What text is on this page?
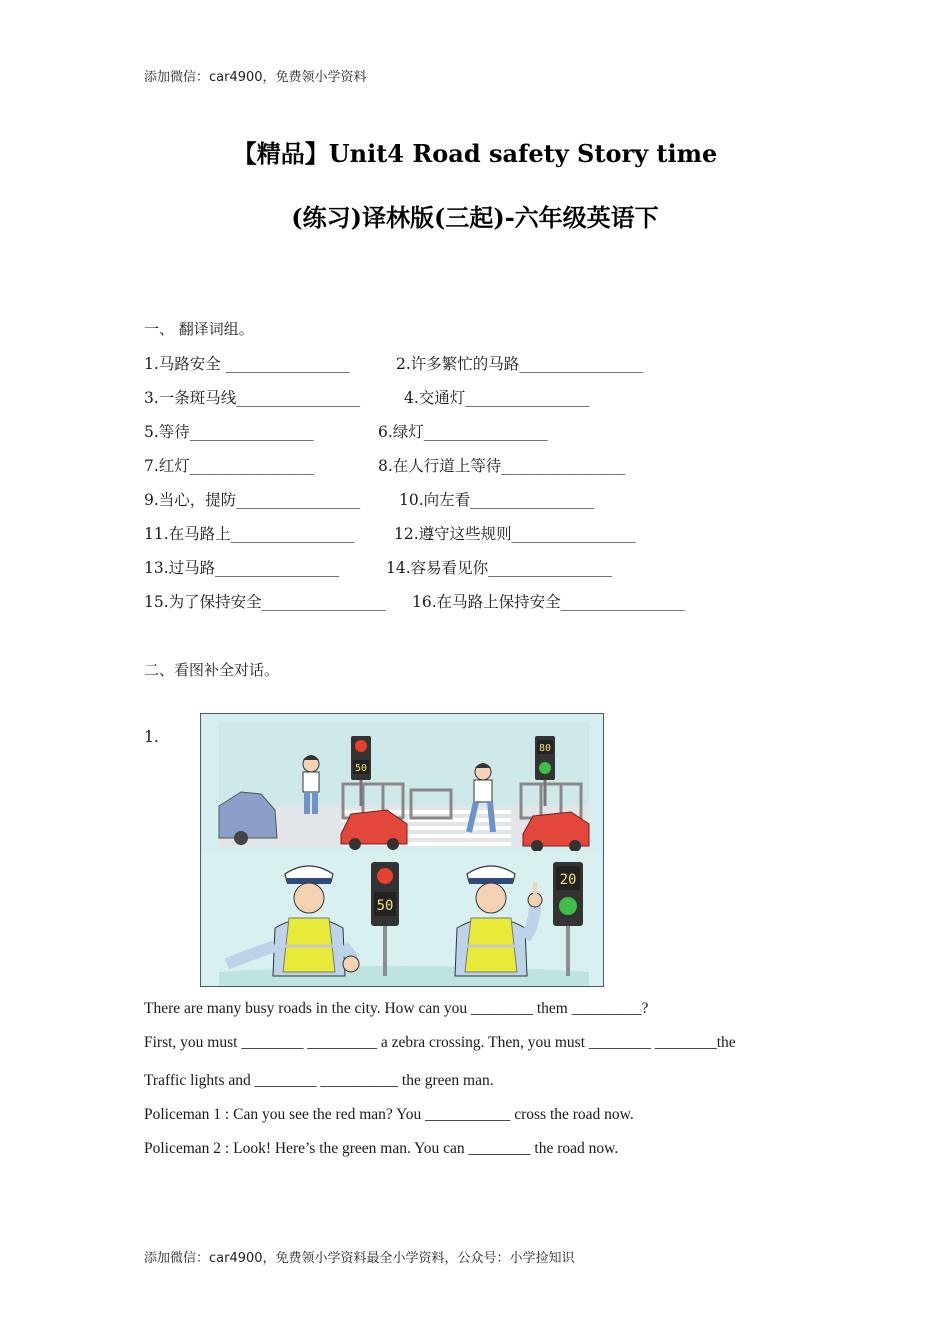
添加微信：car4900，免费领小学资料
【精品】Unit4 Road safety Story time
(练习)译林版(三起)-六年级英语下
一、 翻译词组。
1.马路安全 ________________	2.许多繁忙的马路________________
3.一条斑马线________________	4.交通灯________________
5.等待________________	6.绿灯________________
7.红灯________________	8.在人行道上等待________________
9.当心，提防________________ 10.向左看________________
11.在马路上________________	12.遵守这些规则________________
13.过马路________________	14.容易看见你________________
15.为了保持安全________________ 16.在马路上保持安全________________
二、看图补全对话。
1.
50
80
50
20
There are many busy roads in the city. How can you ________ them _________?
First, you must ________ _________ a zebra crossing. Then, you must ________ ________the
Traffic lights and ________ __________ the green man.
Policeman 1 : Can you see the red man? You ___________ cross the road now.
Policeman 2 : Look! Here’s the green man. You can ________ the road now.
添加微信：car4900，免费领小学资料最全小学资料，公众号：小学捡知识
